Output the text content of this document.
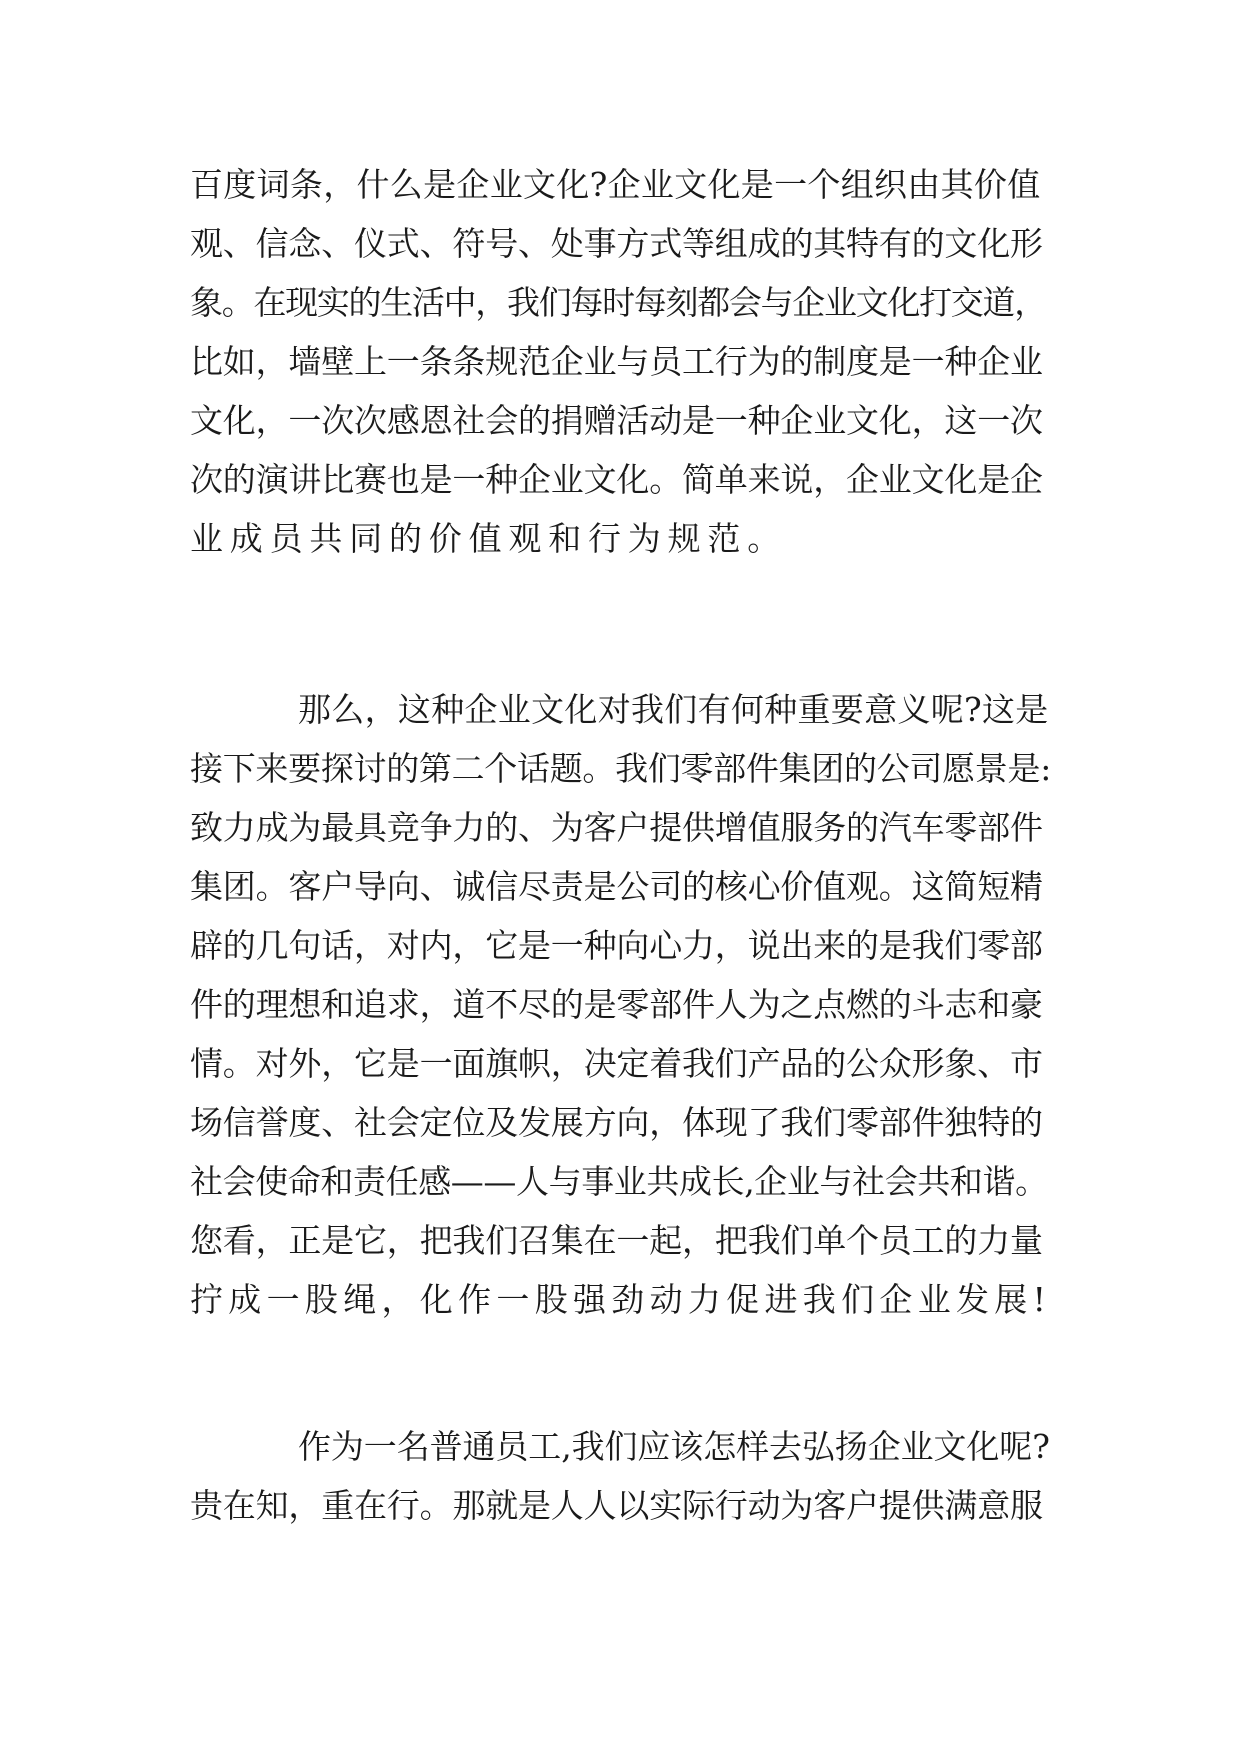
百度词条，什么是企业文化?企业文化是一个组织由其价值
观、信念、仪式、符号、处事方式等组成的其特有的文化形
象。在现实的生活中，我们每时每刻都会与企业文化打交道，
比如，墙壁上一条条规范企业与员工行为的制度是一种企业
文化，一次次感恩社会的捐赠活动是一种企业文化，这一次
次的演讲比赛也是一种企业文化。简单来说，企业文化是企
业成员共同的价值观和行为规范。
那么，这种企业文化对我们有何种重要意义呢?这是
接下来要探讨的第二个话题。我们零部件集团的公司愿景是:
致力成为最具竞争力的、为客户提供增值服务的汽车零部件
集团。客户导向、诚信尽责是公司的核心价值观。这简短精
辟的几句话，对内，它是一种向心力，说出来的是我们零部
件的理想和追求，道不尽的是零部件人为之点燃的斗志和豪
情。对外，它是一面旗帜，决定着我们产品的公众形象、市
场信誉度、社会定位及发展方向，体现了我们零部件独特的
社会使命和责任感——人与事业共成长,企业与社会共和谐。
您看，正是它，把我们召集在一起，把我们单个员工的力量
拧成一股绳，化作一股强劲动力促进我们企业发展!
作为一名普通员工,我们应该怎样去弘扬企业文化呢?
贵在知，重在行。那就是人人以实际行动为客户提供满意服
